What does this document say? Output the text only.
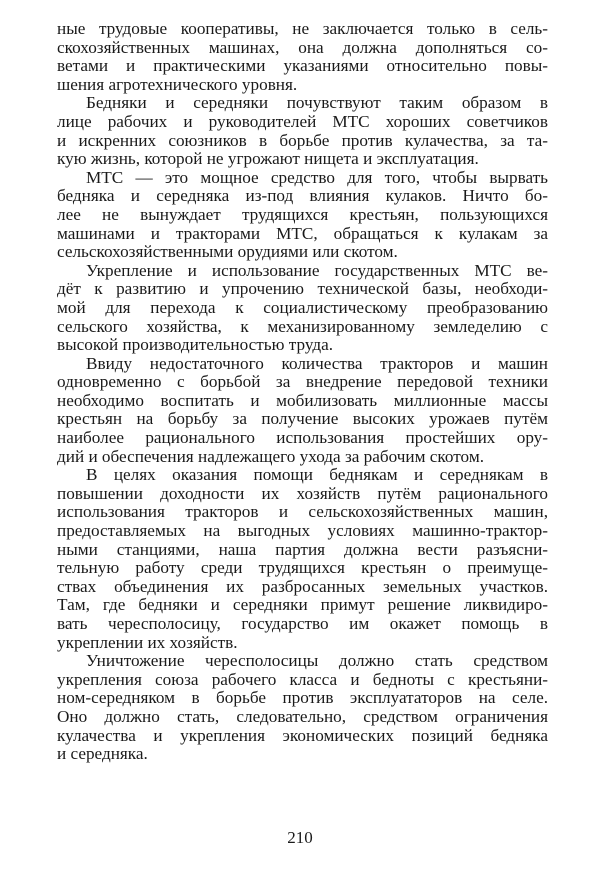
ные трудовые кооперативы, не заключается только в сель-
скохозяйственных машинах, она должна дополняться со-
ветами и практическими указаниями относительно повы-
шения агротехнического уровня.
Бедняки и середняки почувствуют таким образом в
лице рабочих и руководителей МТС хороших советчиков
и искренних союзников в борьбе против кулачества, за та-
кую жизнь, которой не угрожают нищета и эксплуатация.
МТС — это мощное средство для того, чтобы вырвать
бедняка и середняка из-под влияния кулаков. Ничто бо-
лее не вынуждает трудящихся крестьян, пользующихся
машинами и тракторами МТС, обращаться к кулакам за
сельскохозяйственными орудиями или скотом.
Укрепление и использование государственных МТС ве-
дёт к развитию и упрочению технической базы, необходи-
мой для перехода к социалистическому преобразованию
сельского хозяйства, к механизированному земледелию с
высокой производительностью труда.
Ввиду недостаточного количества тракторов и машин
одновременно с борьбой за внедрение передовой техники
необходимо воспитать и мобилизовать миллионные массы
крестьян на борьбу за получение высоких урожаев путём
наиболее рационального использования простейших ору-
дий и обеспечения надлежащего ухода за рабочим скотом.
В целях оказания помощи беднякам и середнякам в
повышении доходности их хозяйств путём рационального
использования тракторов и сельскохозяйственных машин,
предоставляемых на выгодных условиях машинно-трактор-
ными станциями, наша партия должна вести разъясни-
тельную работу среди трудящихся крестьян о преимуще-
ствах объединения их разбросанных земельных участков.
Там, где бедняки и середняки примут решение ликвидиро-
вать чересполосицу, государство им окажет помощь в
укреплении их хозяйств.
Уничтожение чересполосицы должно стать средством
укрепления союза рабочего класса и бедноты с крестьяни-
ном-середняком в борьбе против эксплуататоров на селе.
Оно должно стать, следовательно, средством ограничения
кулачества и укрепления экономических позиций бедняка
и середняка.
210
